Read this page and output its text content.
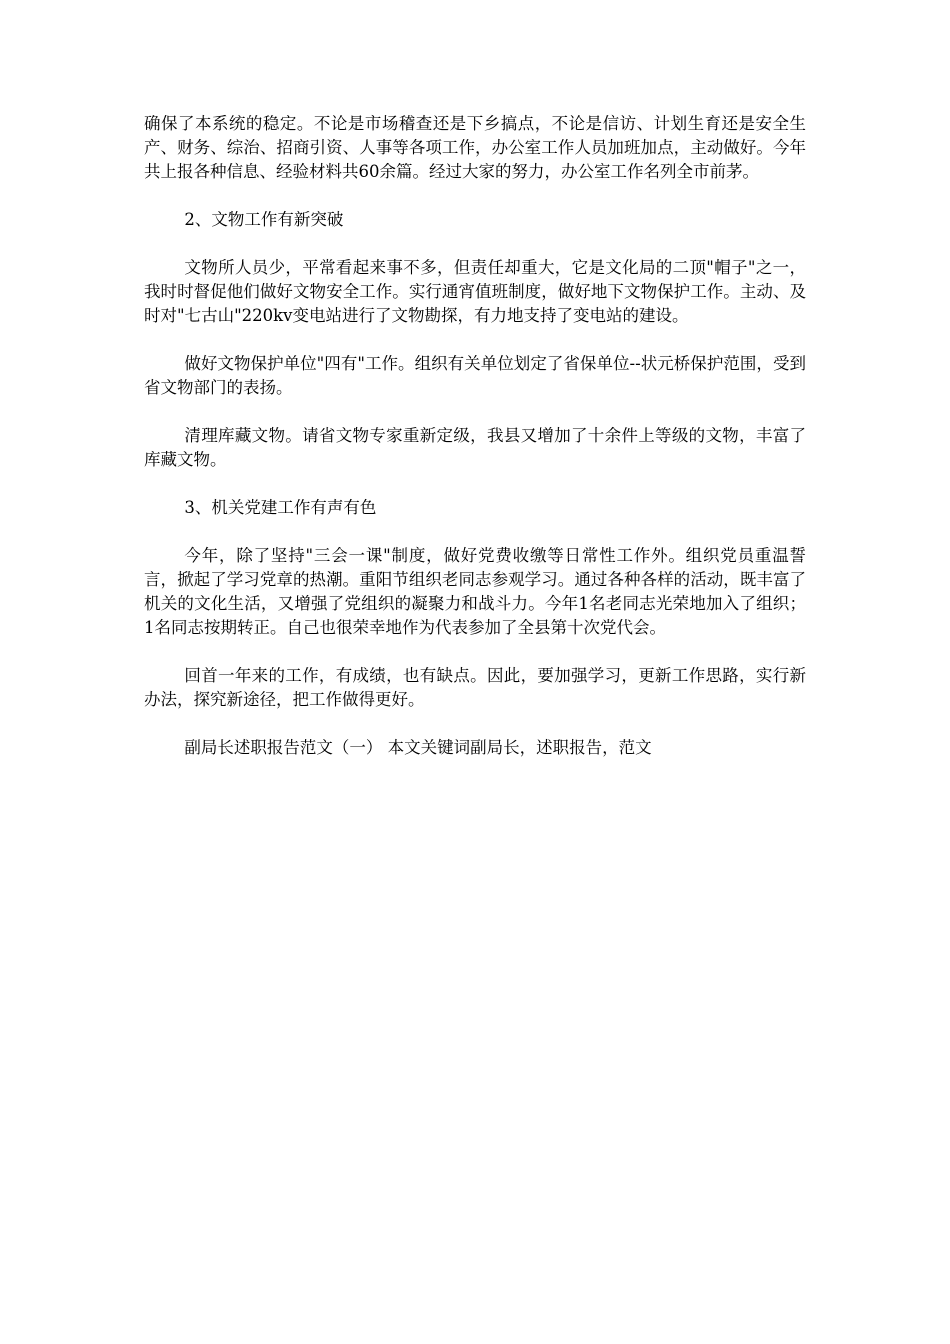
确保了本系统的稳定。不论是市场稽查还是下乡搞点，不论是信访、计划生育还是安全生产、财务、综治、招商引资、人事等各项工作，办公室工作人员加班加点，主动做好。今年共上报各种信息、经验材料共60余篇。经过大家的努力，办公室工作名列全市前茅。

2、文物工作有新突破

文物所人员少，平常看起来事不多，但责任却重大，它是文化局的二顶"帽子"之一，我时时督促他们做好文物安全工作。实行通宵值班制度，做好地下文物保护工作。主动、及时对"七古山"220kv变电站进行了文物勘探，有力地支持了变电站的建设。

做好文物保护单位"四有"工作。组织有关单位划定了省保单位--状元桥保护范围，受到省文物部门的表扬。

清理库藏文物。请省文物专家重新定级，我县又增加了十余件上等级的文物，丰富了库藏文物。

3、机关党建工作有声有色

今年，除了坚持"三会一课"制度，做好党费收缴等日常性工作外。组织党员重温誓言，掀起了学习党章的热潮。重阳节组织老同志参观学习。通过各种各样的活动，既丰富了机关的文化生活，又增强了党组织的凝聚力和战斗力。今年1名老同志光荣地加入了组织；1名同志按期转正。自己也很荣幸地作为代表参加了全县第十次党代会。

回首一年来的工作，有成绩，也有缺点。因此，要加强学习，更新工作思路，实行新办法，探究新途径，把工作做得更好。

副局长述职报告范文（一） 本文关键词副局长，述职报告，范文
